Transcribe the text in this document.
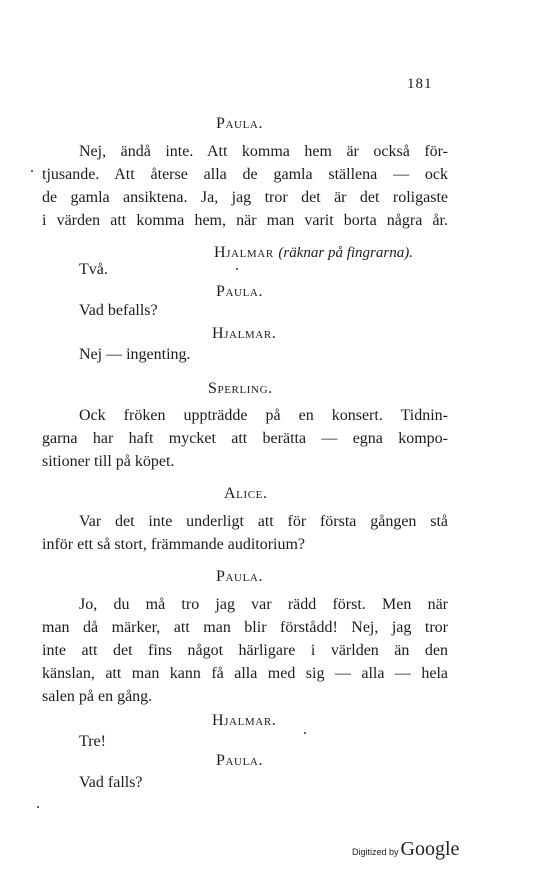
181
Paula.
Nej, ändå inte. Att komma hem är också för-
tjusande. Att återse alla de gamla ställena — ock
de gamla ansiktena. Ja, jag tror det är det roligaste
i värden att komma hem, när man varit borta några år.
Hjalmar (räknar på fingrarna).
Två.
Paula.
Vad befalls?
Hjalmar.
Nej — ingenting.
Sperling.
Ock fröken uppträdde på en konsert. Tidnin-
garna har haft mycket att berätta — egna kompo-
sitioner till på köpet.
Alice.
Var det inte underligt att för första gången stå
inför ett så stort, främmande auditorium?
Paula.
Jo, du må tro jag var rädd först. Men när
man då märker, att man blir förstådd! Nej, jag tror
inte att det fins något härligare i världen än den
känslan, att man kann få alla med sig — alla — hela
salen på en gång.
Hjalmar.
Tre!
Paula.
Vad falls?
Digitized by Google
